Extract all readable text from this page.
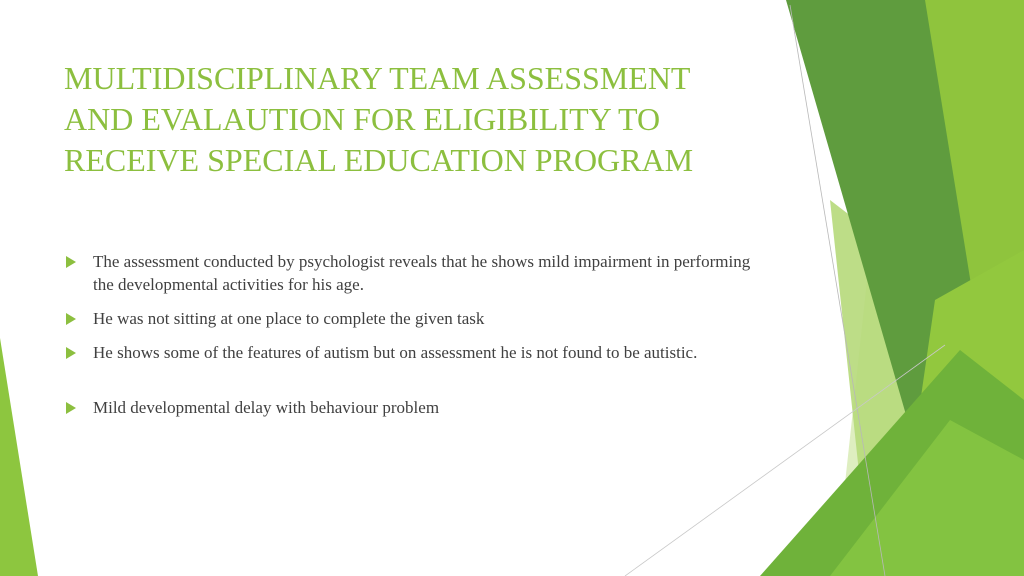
MULTIDISCIPLINARY TEAM ASSESSMENT
AND EVALAUTION FOR ELIGIBILITY TO
RECEIVE SPECIAL EDUCATION PROGRAM
The assessment conducted by psychologist reveals that he shows mild impairment in performing the developmental activities for his age.
He was not sitting at one place to complete the given task
He shows some of the features of autism but on assessment he is not found to be autistic.
Mild developmental delay with behaviour problem
